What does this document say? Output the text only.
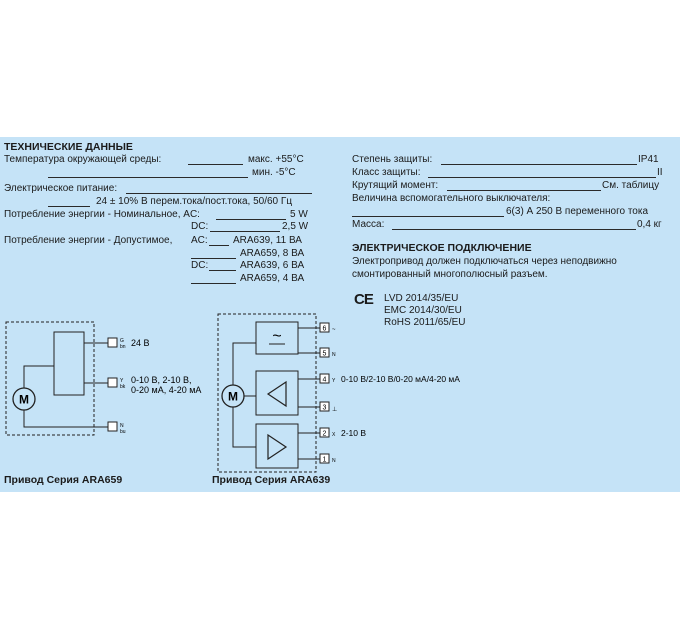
ТЕХНИЧЕСКИЕ ДАННЫЕ
Температура окружающей среды:	макс. +55°C
мин. -5°C
Электрическое питание:
24 ± 10% В перем.тока/пост.тока, 50/60 Гц
Потребление энергии - Номинальное, AC:	5 W
DC:	2,5 W
Потребление энергии - Допустимое, AC:	ARA639, 11 ВА
ARA659, 8 ВА
DC:	ARA639, 6 ВА
ARA659, 4 ВА
Степень защиты:	IP41
Класс защиты:	II
Крутящий момент:	См. таблицу
Величина вспомогательного выключателя:
6(3) А 250 В переменного тока
Масса:	0,4 кг
ЭЛЕКТРИЧЕСКОЕ ПОДКЛЮЧЕНИЕ
Электропривод должен подключаться через неподвижно
смонтированный многополюсный разъем.
CE LVD 2014/35/EU
EMC 2014/30/EU
RoHS 2011/65/EU
M
G
bn 24 В
Y
bk
0-10 В, 2-10 В,
0-20 мА, 4-20 мА
N
bu
Привод Серия ARA659
~
M
6 ~
5 N
4 Y 0-10 В/2-10 В/0-20 мА/4-20 мА
3 ⊥
2 X 2-10 В
1 N
Привод Серия ARA639
